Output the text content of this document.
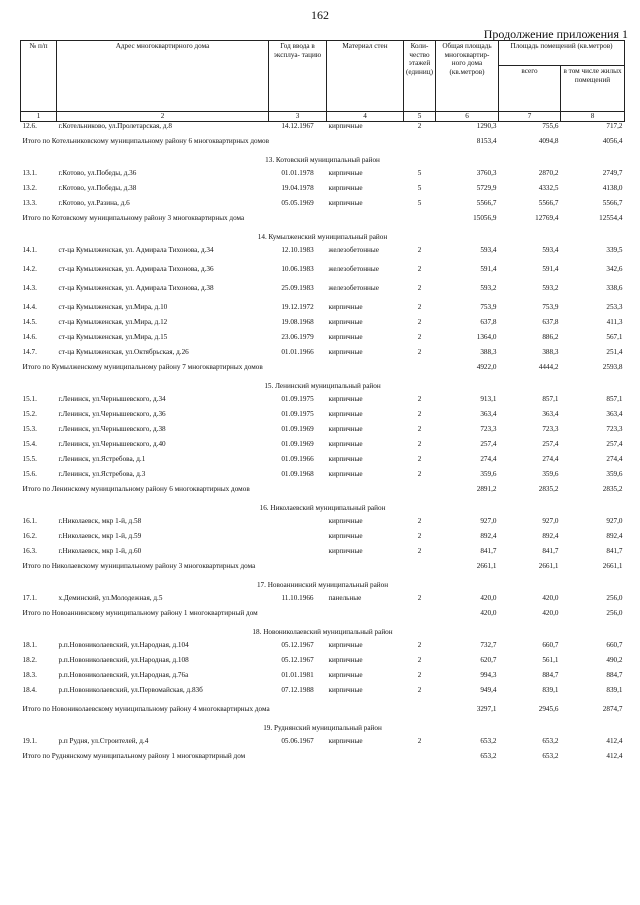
162
Продолжение приложения 1
№ п/п	Адрес многоквартирного дома	Год ввода в эксплуа- тацию	Материал стен	Коли- чество этажей (единиц)	Общая площадь многоквартир- ного дома (кв.метров)	Площадь помещений (кв.метров)	
						всего	в том числе жилых помещений
1	2	3	4	5	6	7	8
12.6.	г.Котельниково, ул.Пролетарская, д.8	14.12.1967	кирпичные	2	1290,3	755,6	717,2
Итого по Котельниковскому муниципальному району 6 многоквартирных домов					8153,4	4094,8	4056,4
13. Котовский муниципальный район							
13.1.	г.Котово, ул.Победы, д.36	01.01.1978	кирпичные	5	3760,3	2870,2	2749,7
13.2.	г.Котово, ул.Победы, д.38	19.04.1978	кирпичные	5	5729,9	4332,5	4138,0
13.3.	г.Котово, ул.Разина, д.6	05.05.1969	кирпичные	5	5566,7	5566,7	5566,7
Итого по Котовскому муниципальному району 3 многоквартирных дома					15056,9	12769,4	12554,4
14. Кумылженский муниципальный район							
14.1.	ст-ца Кумылженская, ул. Адмирала Тихонова, д.34	12.10.1983	железобетонные	2	593,4	593,4	339,5
14.2.	ст-ца Кумылженская, ул. Адмирала Тихонова, д.36	10.06.1983	железобетонные	2	591,4	591,4	342,6
14.3.	ст-ца Кумылженская, ул. Адмирала Тихонова, д.38	25.09.1983	железобетонные	2	593,2	593,2	338,6
14.4.	ст-ца Кумылженская, ул.Мира, д.10	19.12.1972	кирпичные	2	753,9	753,9	253,3
14.5.	ст-ца Кумылженская, ул.Мира, д.12	19.08.1968	кирпичные	2	637,8	637,8	411,3
14.6.	ст-ца Кумылженская, ул.Мира, д.15	23.06.1979	кирпичные	2	1364,0	886,2	567,1
14.7.	ст-ца Кумылженская, ул.Октябрьская, д.26	01.01.1966	кирпичные	2	388,3	388,3	251,4
Итого по Кумылженскому муниципальному району 7 многоквартирных домов					4922,0	4444,2	2593,8
15. Ленинский муниципальный район							
15.1.	г.Ленинск, ул.Чернышевского, д.34	01.09.1975	кирпичные	2	913,1	857,1	857,1
15.2.	г.Ленинск, ул.Чернышевского, д.36	01.09.1975	кирпичные	2	363,4	363,4	363,4
15.3.	г.Ленинск, ул.Чернышевского, д.38	01.09.1969	кирпичные	2	723,3	723,3	723,3
15.4.	г.Ленинск, ул.Чернышевского, д.40	01.09.1969	кирпичные	2	257,4	257,4	257,4
15.5.	г.Ленинск, ул.Ястребова, д.1	01.09.1966	кирпичные	2	274,4	274,4	274,4
15.6.	г.Ленинск, ул.Ястребова, д.3	01.09.1968	кирпичные	2	359,6	359,6	359,6
Итого по Ленинскому муниципальному району 6 многоквартирных домов					2891,2	2835,2	2835,2
16. Николаевский муниципальный район							
16.1.	г.Николаевск, мкр 1-й, д.58		кирпичные	2	927,0	927,0	927,0
16.2.	г.Николаевск, мкр 1-й, д.59		кирпичные	2	892,4	892,4	892,4
16.3.	г.Николаевск, мкр 1-й, д.60		кирпичные	2	841,7	841,7	841,7
Итого по Николаевскому муниципальному району 3 многоквартирных дома					2661,1	2661,1	2661,1
17. Новоаннинский муниципальный район							
17.1.	х.Деминский, ул.Молодежная, д.5	11.10.1966	панельные	2	420,0	420,0	256,0
Итого по Новоаннинскому муниципальному району 1 многоквартирный дом					420,0	420,0	256,0
18. Новониколаевский муниципальный район							
18.1.	р.п.Новониколаевский, ул.Народная, д.104	05.12.1967	кирпичные	2	732,7	660,7	660,7
18.2.	р.п.Новониколаевский, ул.Народная, д.108	05.12.1967	кирпичные	2	620,7	561,1	490,2
18.3.	р.п.Новониколаевский, ул.Народная, д.76а	01.01.1981	кирпичные	2	994,3	884,7	884,7
18.4.	р.п.Новониколаевский, ул.Первомайская, д.83б	07.12.1988	кирпичные	2	949,4	839,1	839,1
Итого по Новониколаевскому муниципальному району 4 многоквартирных дома					3297,1	2945,6	2874,7
19. Руднянский муниципальный район							
19.1.	р.п Рудня, ул.Строителей, д.4	05.06.1967	кирпичные	2	653,2	653,2	412,4
Итого по Руднянскому муниципальному району 1 многоквартирный дом					653,2	653,2	412,4
